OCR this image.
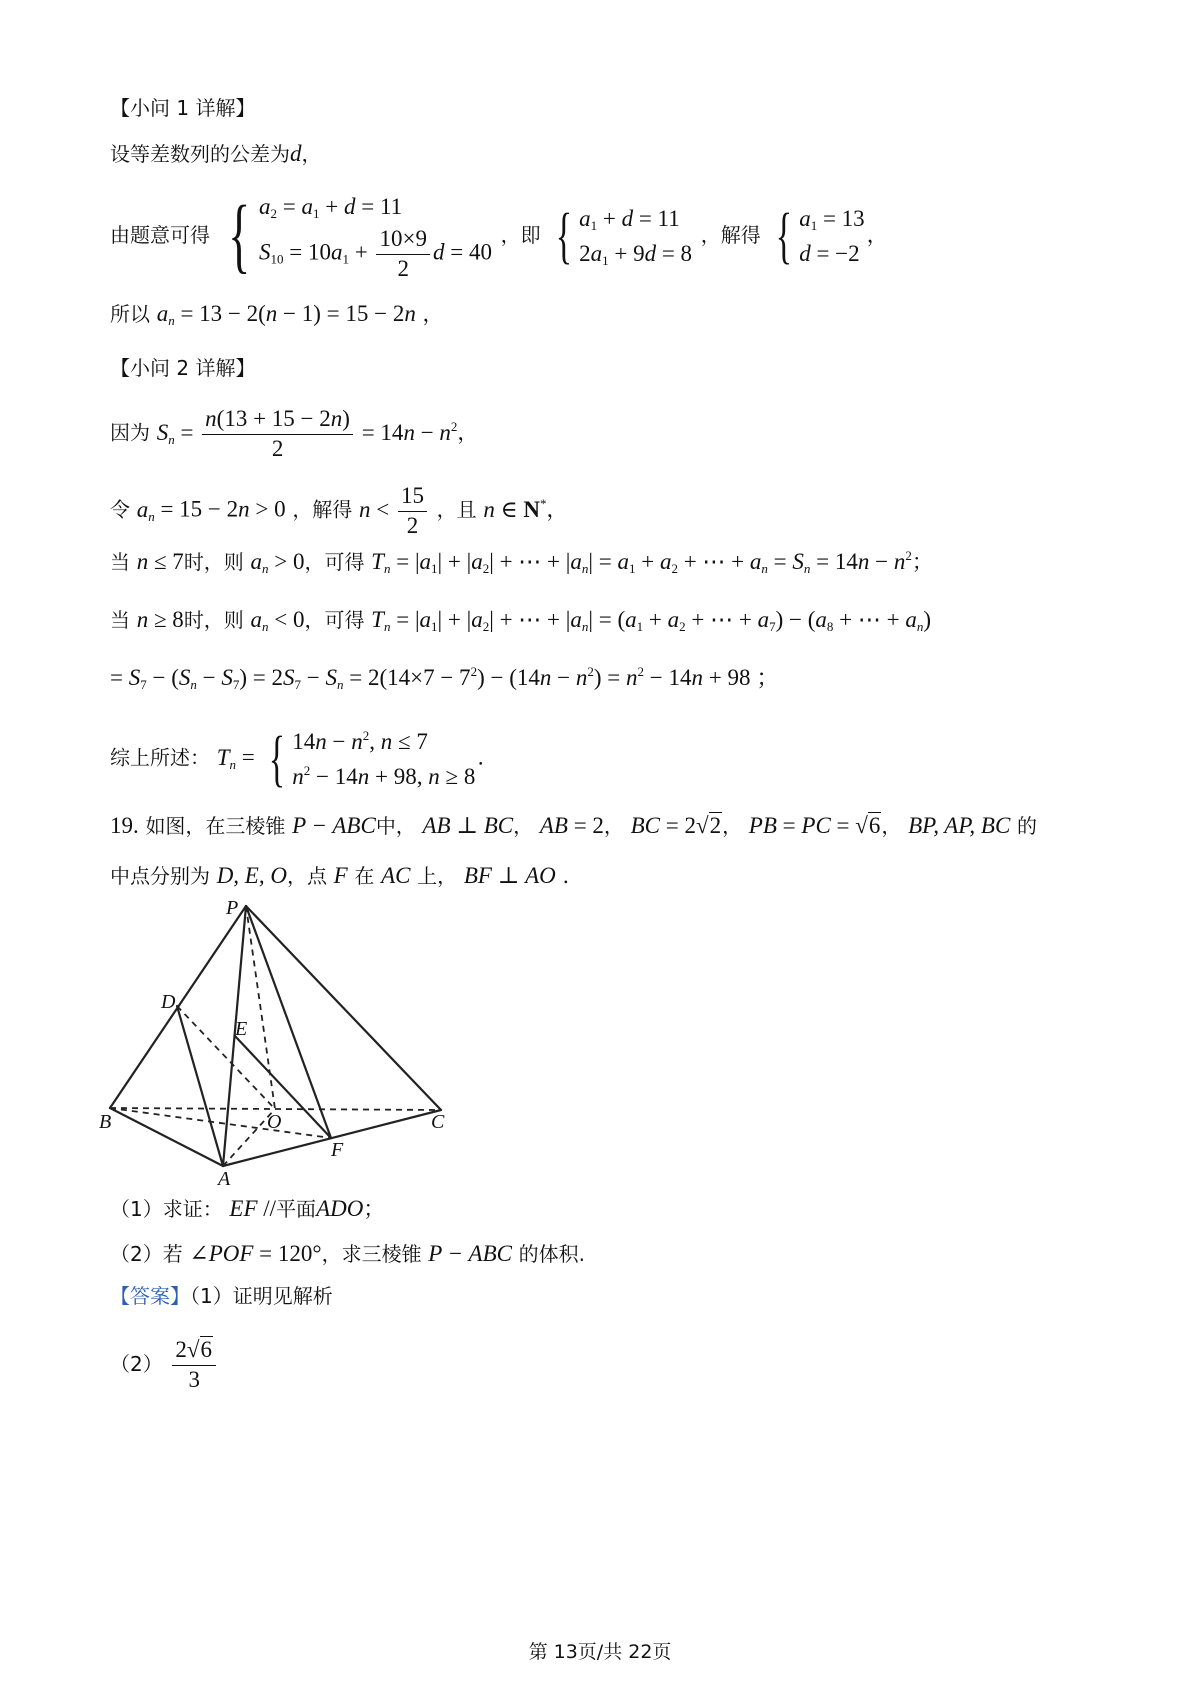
【小问 1 详解】
设等差数列的公差为d，
由题意可得 { $a_2 = a_1 + d = 11$
$S_{10} = 10a_1 + \frac{10\times 9}{2}$ d = 40
，即 { $a_1 + d = 11$
$2a_1 + 9d = 8$
，解得 { $a_1 = 13$
d = −2
，
所以 $a_n = 13 - 2(n - 1) = 15 - 2n$ ，
【小问 2 详解】
因为 $S_n = \frac{n(13 + 15 - 2n)}{2} = 14n - n^2$，
令 $a_n = 15 - 2n > 0$ ，解得 $n < \frac{15}{2}$ ，且 n ∈ N*，
当 n ≤ 7时，则 $a_n > 0$，可得 $T_n = |a_1| + |a_2|$ + ⋯ + $|a_n| = a_1 + a_2$ + ⋯ + $a_n = S_n = 14n - n^2$；
当 n ≥ 8时，则 $a_n < 0$，可得 $T_n = |a_1| + |a_2|$ + ⋯ + $|a_n| = (a_1 + a_2$ + ⋯ + $a_7) - (a_8$ + ⋯ + $a_n$)
= $S_7 - (S_n - S_7) = 2S_7 - S_n = 2(14\times 7 - 7^2) - (14n - n^2) = n^2 - 14n + 98$ ；
综上所述： $T_n$ = { $14n - n^2$, n ≤ 7
$n^2 - 14n + 98$, n ≥ 8
.
19. 如图，在三棱锥 P − ABC中， AB ⊥ BC， AB = 2， BC = 2√2， PB = PC = √6， BP, AP, BC 的
中点分别为 D, E, O，点 F 在 AC 上， BF ⊥ AO .
P
D
E
B	O	C
F
A
（1）求证： EF //平面ADO；
（2）若 ∠POF = 120°，求三棱锥 P − ABC 的体积.
【答案】（1）证明见解析
$(2) \frac{2√6}{3}$
第 13页/共 22页
